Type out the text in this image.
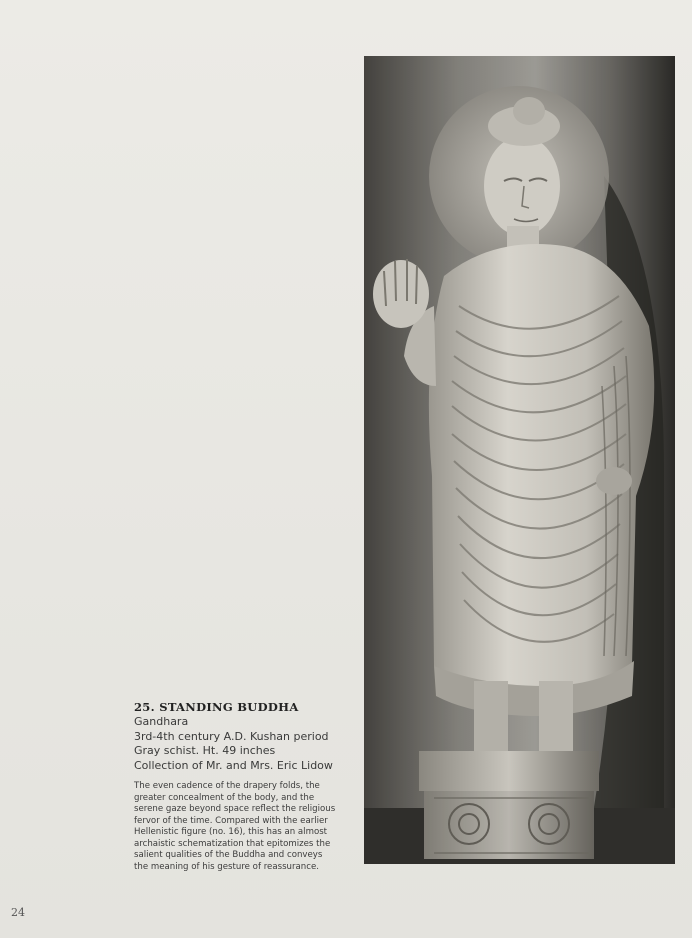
25. STANDING BUDDHA
Gandhara
3rd-4th century A.D. Kushan period
Gray schist. Ht. 49 inches
Collection of Mr. and Mrs. Eric Lidow
The even cadence of the drapery folds, the
greater concealment of the body, and the
serene gaze beyond space reflect the religious
fervor of the time. Compared with the earlier
Hellenistic figure (no. 16), this has an almost
archaistic schematization that epitomizes the
salient qualities of the Buddha and conveys
the meaning of his gesture of reassurance.
24
